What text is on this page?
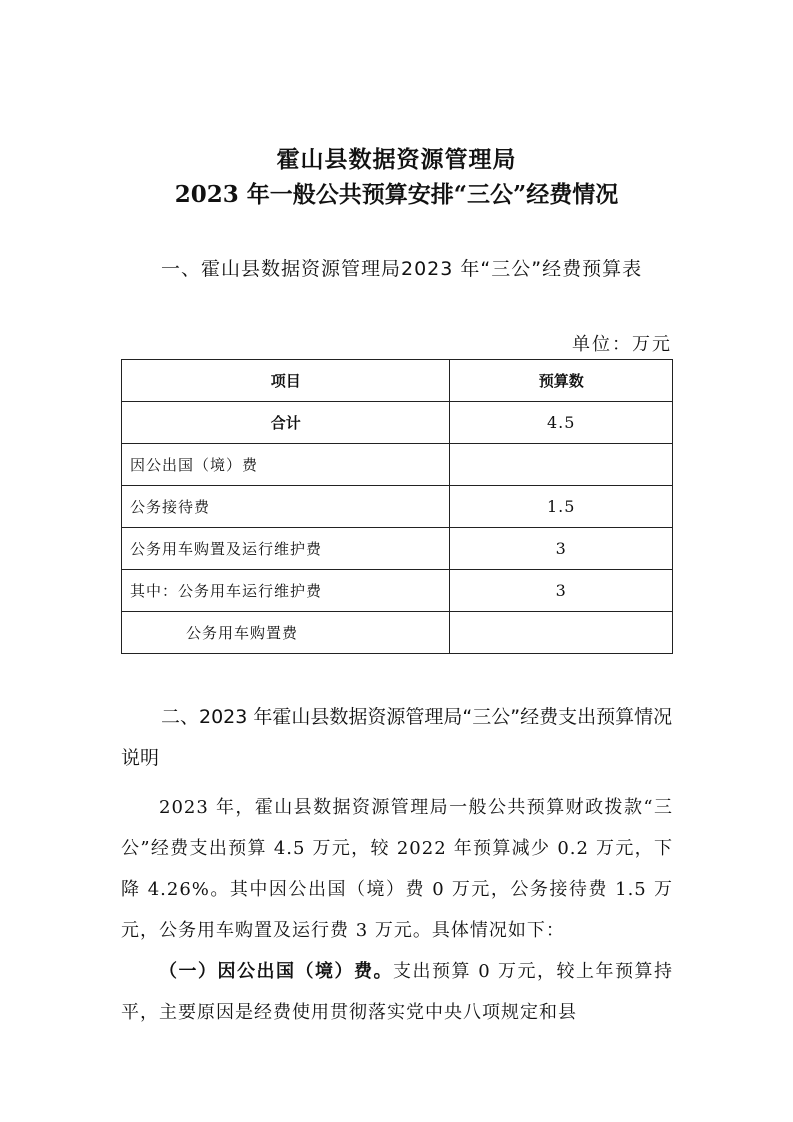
霍山县数据资源管理局
2023 年一般公共预算安排“三公”经费情况
一、霍山县数据资源管理局2023 年“三公”经费预算表
单位：万元
项目	预算数
合计	4.5
因公出国（境）费	
公务接待费	1.5
公务用车购置及运行维护费	3
其中：公务用车运行维护费	3
公务用车购置费	
二、2023 年霍山县数据资源管理局“三公”经费支出预算情况说明

2023 年，霍山县数据资源管理局一般公共预算财政拨款“三公”经费支出预算 4.5 万元，较 2022 年预算减少 0.2 万元，下降 4.26%。其中因公出国（境）费 0 万元，公务接待费 1.5 万元，公务用车购置及运行费 3 万元。具体情况如下：

（一）因公出国（境）费。支出预算 0 万元，较上年预算持平，主要原因是经费使用贯彻落实党中央八项规定和县
